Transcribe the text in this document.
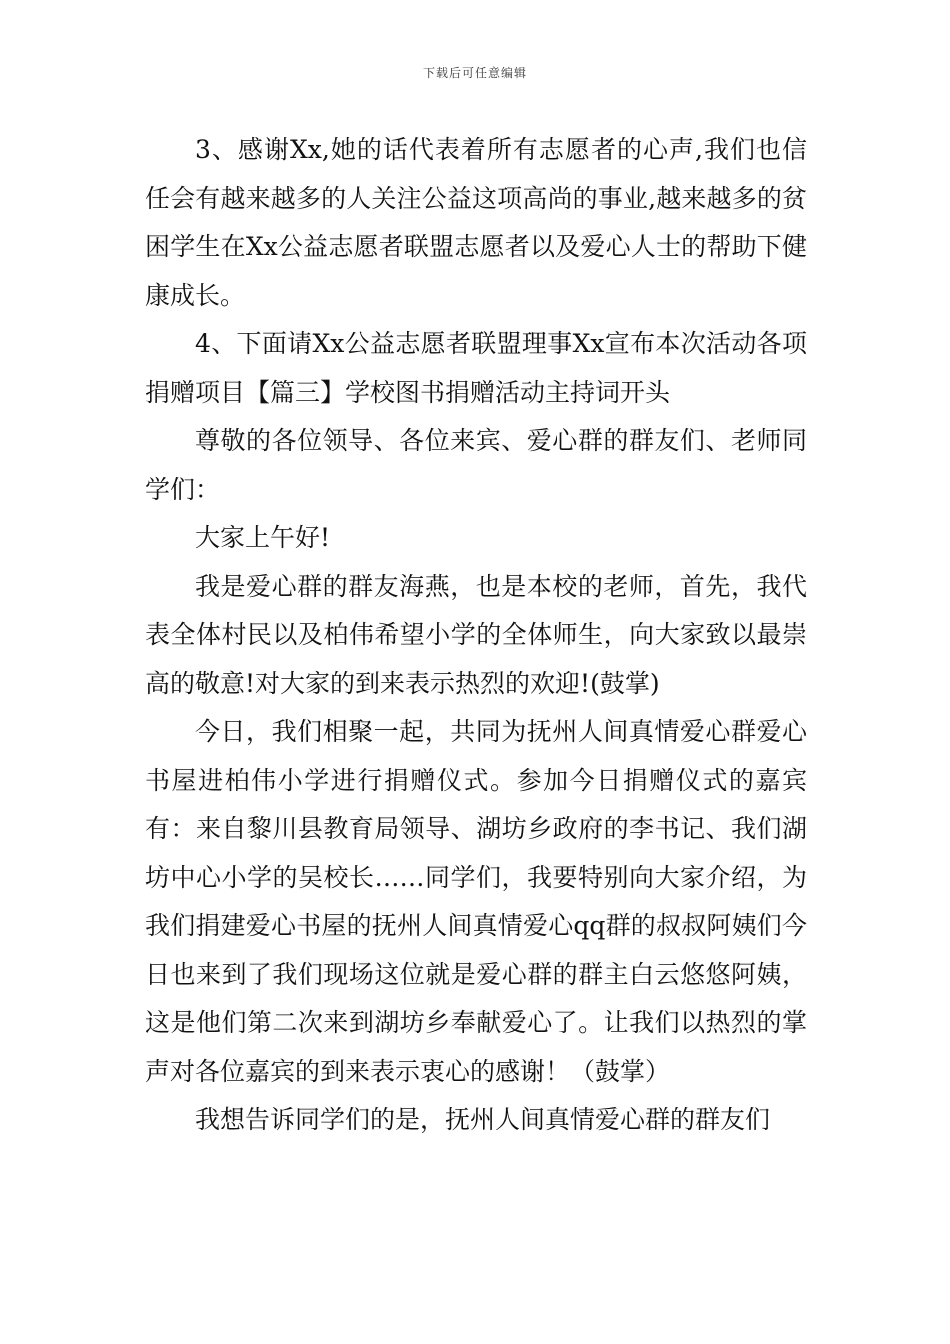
下载后可任意编辑

3、感谢Xx,她的话代表着所有志愿者的心声,我们也信任会有越来越多的人关注公益这项高尚的事业,越来越多的贫困学生在Xx公益志愿者联盟志愿者以及爱心人士的帮助下健康成长。

4、下面请Xx公益志愿者联盟理事Xx宣布本次活动各项捐赠项目【篇三】学校图书捐赠活动主持词开头

尊敬的各位领导、各位来宾、爱心群的群友们、老师同学们：

大家上午好!

我是爱心群的群友海燕，也是本校的老师，首先，我代表全体村民以及柏伟希望小学的全体师生，向大家致以最崇高的敬意!对大家的到来表示热烈的欢迎!(鼓掌)

今日，我们相聚一起，共同为抚州人间真情爱心群爱心书屋进柏伟小学进行捐赠仪式。参加今日捐赠仪式的嘉宾有：来自黎川县教育局领导、湖坊乡政府的李书记、我们湖坊中心小学的吴校长……同学们，我要特别向大家介绍，为我们捐建爱心书屋的抚州人间真情爱心qq群的叔叔阿姨们今日也来到了我们现场这位就是爱心群的群主白云悠悠阿姨，这是他们第二次来到湖坊乡奉献爱心了。让我们以热烈的掌声对各位嘉宾的到来表示衷心的感谢！（鼓掌）

我想告诉同学们的是，抚州人间真情爱心群的群友们
